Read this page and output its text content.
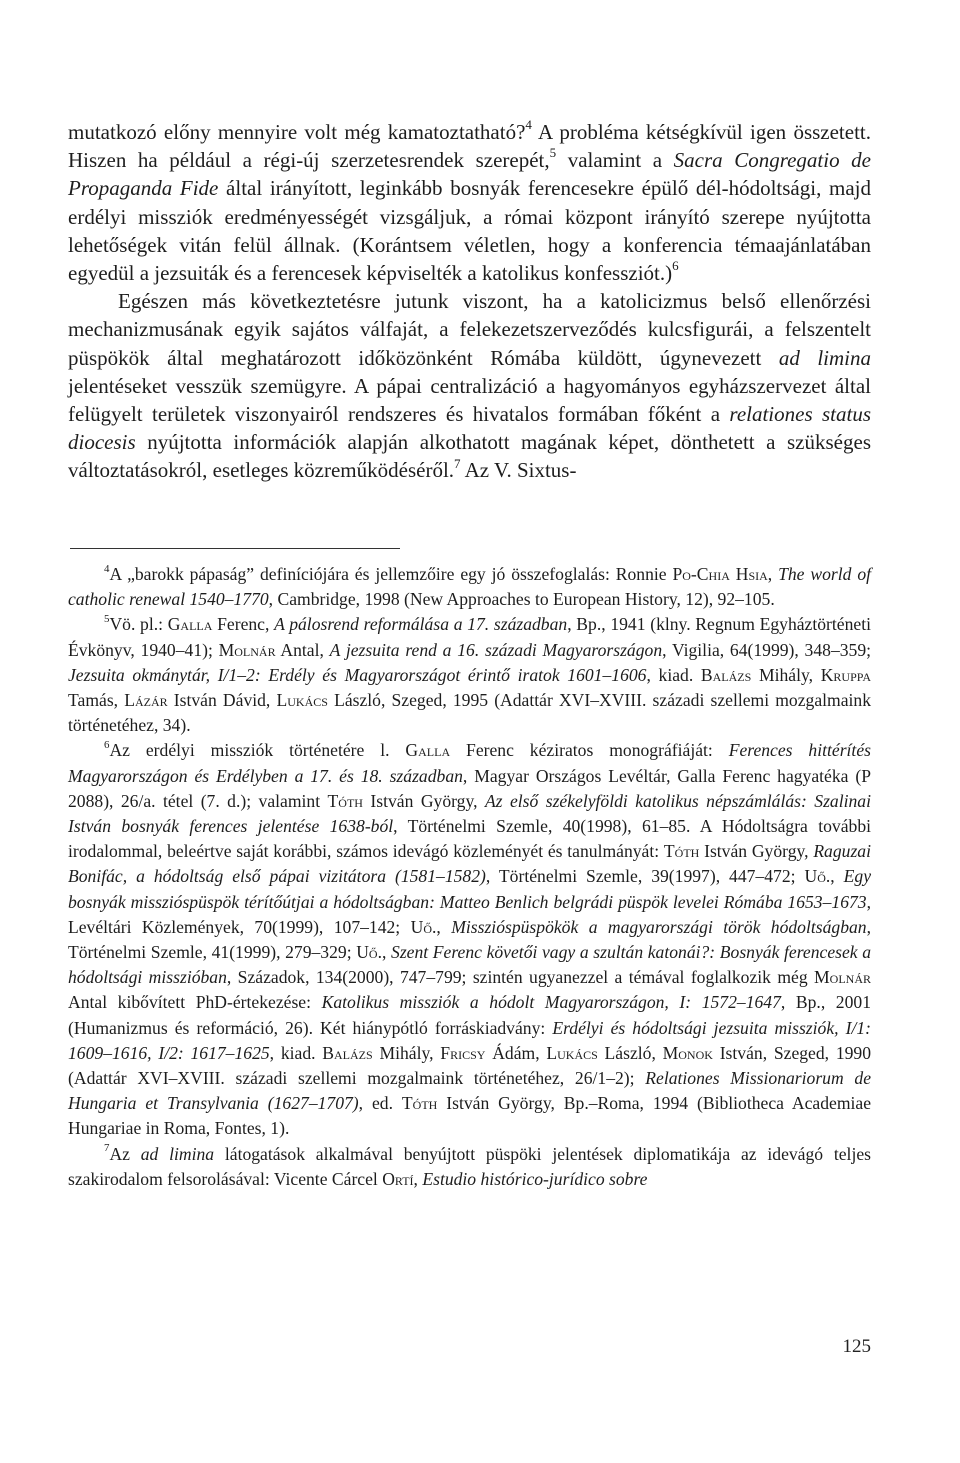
mutatkozó előny mennyire volt még kamatoztatható?$^4$ A probléma kétségkívül igen összetett. Hiszen ha például a régi-új szerzetesrendek szerepét,$^5$ valamint a Sacra Congregatio de Propaganda Fide által irányított, leginkább bosnyák ferencesekre épülő dél-hódoltsági, majd erdélyi missziók eredményességét vizsgáljuk, a római központ irányító szerepe nyújtotta lehetőségek vitán felül állnak. (Korántsem véletlen, hogy a konferencia témaajánlatában egyedül a jezsuiták és a ferencesek képviselték a katolikus konfessziót.)$^6$

Egészen más következtetésre jutunk viszont, ha a katolicizmus belső ellenőrzési mechanizmusának egyik sajátos válfaját, a felekezetszerveződés kulcsfigurái, a felszentelt püspökök által meghatározott időközönként Rómába küldött, úgynevezett ad limina jelentéseket vesszük szemügyre. A pápai centralizáció a hagyományos egyházszervezet által felügyelt területek viszonyairól rendszeres és hivatalos formában főként a relationes status diocesis nyújtotta információk alapján alkothatott magának képet, dönthetett a szükséges változtatásokról, esetleges közreműködéséről.$^7$ Az V. Sixtus-

$^4$A „barokk pápaság” definíciójára és jellemzőire egy jó összefoglalás: Ronnie Po-Chia Hsia, The world of catholic renewal 1540–1770, Cambridge, 1998 (New Approaches to European History, 12), 92–105.

$^5$Vö. pl.: Galla Ferenc, A pálosrend reformálása a 17. században, Bp., 1941 (klny. Regnum Egyháztörténeti Évkönyv, 1940–41); Molnár Antal, A jezsuita rend a 16. századi Magyarországon, Vigilia, 64(1999), 348–359; Jezsuita okmánytár, I/1–2: Erdély és Magyarországot érintő iratok 1601–1606, kiad. Balázs Mihály, Kruppa Tamás, Lázár István Dávid, Lukács László, Szeged, 1995 (Adattár XVI–XVIII. századi szellemi mozgalmaink történetéhez, 34).

$^6$Az erdélyi missziók történetére l. Galla Ferenc kéziratos monográfiáját: Ferences hittérítés Magyarországon és Erdélyben a 17. és 18. században, Magyar Országos Levéltár, Galla Ferenc hagyatéka (P 2088), 26/a. tétel (7. d.); valamint Tóth István György, Az első székelyföldi katolikus népszámlálás: Szalinai István bosnyák ferences jelentése 1638-ból, Történelmi Szemle, 40(1998), 61–85. A Hódoltságra további irodalommal, beleértve saját korábbi, számos idevágó közleményét és tanulmányát: Tóth István György, Raguzai Bonifác, a hódoltság első pápai vizitátora (1581–1582), Történelmi Szemle, 39(1997), 447–472; Uő., Egy bosnyák misszióspüspök térítőútjai a hódoltságban: Matteo Benlich belgrádi püspök levelei Rómába 1653–1673, Levéltári Közlemények, 70(1999), 107–142; Uő., Misszióspüspökök a magyarországi török hódoltságban, Történelmi Szemle, 41(1999), 279–329; Uő., Szent Ferenc követői vagy a szultán katonái?: Bosnyák ferencesek a hódoltsági misszióban, Századok, 134(2000), 747–799; szintén ugyanezzel a témával foglalkozik még Molnár Antal kibővített PhD-értekezése: Katolikus missziók a hódolt Magyarországon, I: 1572–1647, Bp., 2001 (Humanizmus és reformáció, 26). Két hiánypótló forráskiadvány: Erdélyi és hódoltsági jezsuita missziók, I/1: 1609–1616, I/2: 1617–1625, kiad. Balázs Mihály, Fricsy Ádám, Lukács László, Monok István, Szeged, 1990 (Adattár XVI–XVIII. századi szellemi mozgalmaink történetéhez, 26/1–2); Relationes Missionariorum de Hungaria et Transylvania (1627–1707), ed. Tóth István György, Bp.–Roma, 1994 (Bibliotheca Academiae Hungariae in Roma, Fontes, 1).

$^7$Az ad limina látogatások alkalmával benyújtott püspöki jelentések diplomatikája az idevágó teljes szakirodalom felsorolásával: Vicente Cárcel Ortí, Estudio histórico-jurídico sobre

125
